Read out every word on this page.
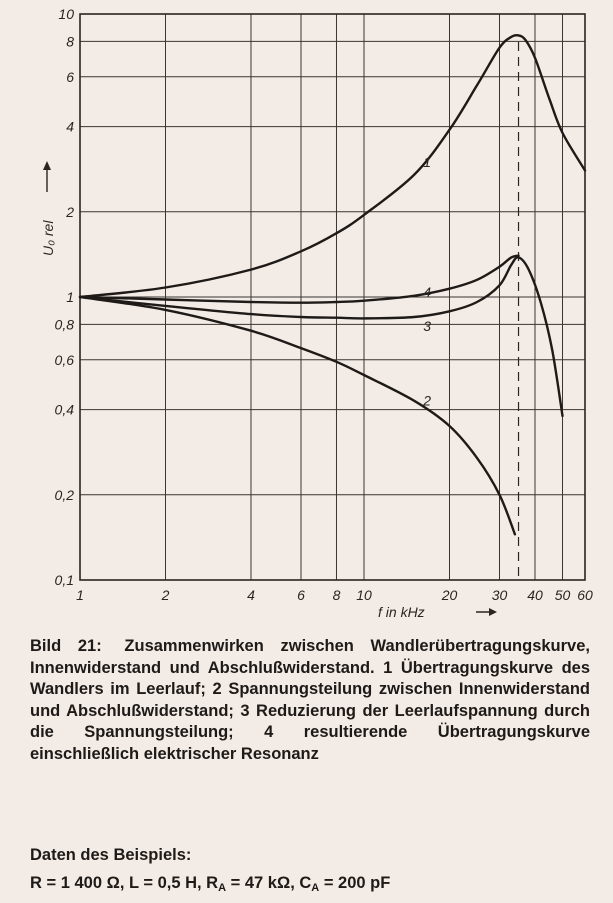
1
2
3
4
1	2	4	6 8 10	20 30 40 50 60
0,1
0,2
0,4
0,6
0,8
1
2
4
6
8
10
f in kHz
U₀ rel
Bild 21: Zusammenwirken zwischen Wandlerübertragungskurve, Innenwiderstand und Abschlußwiderstand. 1 Übertragungskurve des Wandlers im Leerlauf; 2 Spannungsteilung zwischen Innenwiderstand und Abschlußwiderstand; 3 Reduzierung der Leerlaufspannung durch die Spannungsteilung; 4 resultierende Übertragungskurve einschließlich elektrischer Resonanz
Daten des Beispiels:
R = 1 400 Ω, L = 0,5 H, $R_A = 47$ kΩ, $C_A = 200$ pF
